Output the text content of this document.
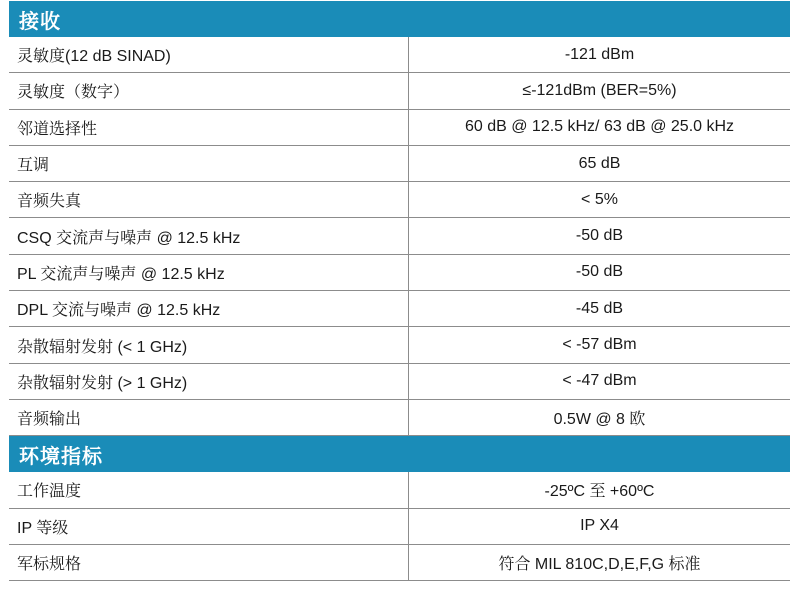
接收
灵敏度(12 dB SINAD)	-121 dBm
灵敏度（数字）	≤-121dBm (BER=5%)
邻道选择性	60 dB @ 12.5 kHz/ 63 dB @ 25.0 kHz
互调	65 dB
音频失真	< 5%
CSQ 交流声与噪声 @ 12.5 kHz	-50 dB
PL 交流声与噪声 @ 12.5 kHz	-50 dB
DPL 交流与噪声 @ 12.5 kHz	-45 dB
杂散辐射发射 (< 1 GHz)	< -57 dBm
杂散辐射发射 (> 1 GHz)	< -47 dBm
音频输出	0.5W @ 8 欧
环境指标
工作温度	-25ºC 至 +60ºC
IP 等级	IP X4
军标规格	符合 MIL 810C,D,E,F,G 标准
